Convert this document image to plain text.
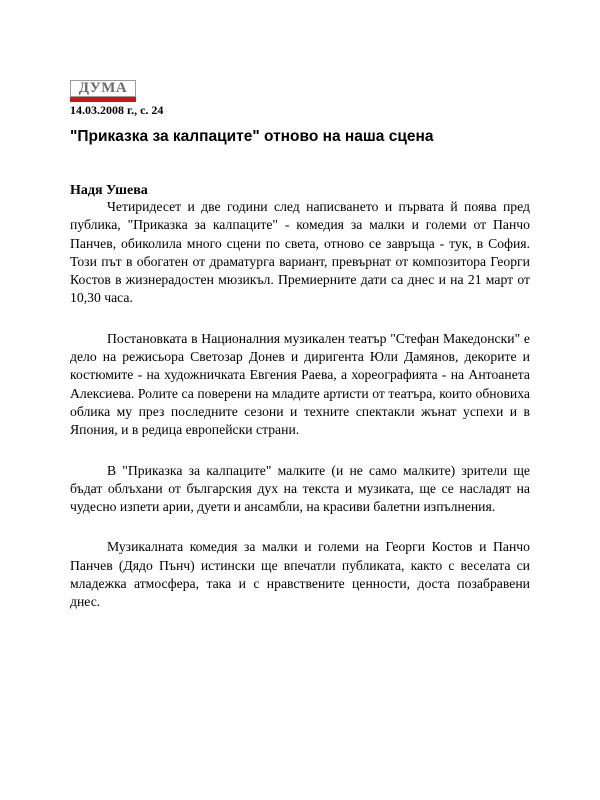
ДУМА
14.03.2008 г., с. 24
"Приказка за калпаците" отново на наша сцена
Надя Ушева

Четиридесет и две години след написването и първата й поява пред публика, "Приказка за калпаците" - комедия за малки и големи от Панчо Панчев, обиколила много сцени по света, отново се завръща - тук, в София. Този път в обогатен от драматурга вариант, превърнат от композитора Георги Костов в жизнерадостен мюзикъл. Премиерните дати са днес и на 21 март от 10,30 часа.

Постановката в Националния музикален театър "Стефан Македонски" е дело на режисьора Светозар Донев и диригента Юли Дамянов, декорите и костюмите - на художничката Евгения Раева, а хореографията - на Антоанета Алексиева. Ролите са поверени на младите артисти от театъра, които обновиха облика му през последните сезони и техните спектакли жънат успехи и в Япония, и в редица европейски страни.

В "Приказка за калпаците" малките (и не само малките) зрители ще бъдат облъхани от българския дух на текста и музиката, ще се насладят на чудесно изпети арии, дуети и ансамбли, на красиви балетни изпълнения.

Музикалната комедия за малки и големи на Георги Костов и Панчо Панчев (Дядо Пънч) истински ще впечатли публиката, както с веселата си младежка атмосфера, така и с нравствените ценности, доста позабравени днес.
